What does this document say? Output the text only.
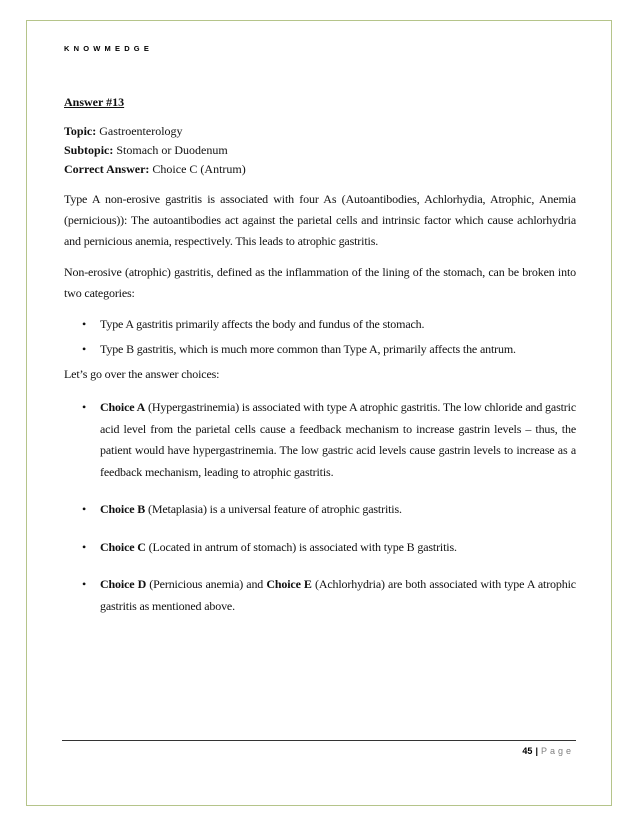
KNOWMEDGE

Answer #13

Topic: Gastroenterology

Subtopic: Stomach or Duodenum

Correct Answer: Choice C (Antrum)

Type A non-erosive gastritis is associated with four As (Autoantibodies, Achlorhydia, Atrophic, Anemia (pernicious)): The autoantibodies act against the parietal cells and intrinsic factor which cause achlorhydria and pernicious anemia, respectively. This leads to atrophic gastritis.

Non-erosive (atrophic) gastritis, defined as the inflammation of the lining of the stomach, can be broken into two categories:

• Type A gastritis primarily affects the body and fundus of the stomach.
• Type B gastritis, which is much more common than Type A, primarily affects the antrum.

Let’s go over the answer choices:

• Choice A (Hypergastrinemia) is associated with type A atrophic gastritis. The low chloride and gastric acid level from the parietal cells cause a feedback mechanism to increase gastrin levels – thus, the patient would have hypergastrinemia. The low gastric acid levels cause gastrin levels to increase as a feedback mechanism, leading to atrophic gastritis.
• Choice B (Metaplasia) is a universal feature of atrophic gastritis.
• Choice C (Located in antrum of stomach) is associated with type B gastritis.
• Choice D (Pernicious anemia) and Choice E (Achlorhydria) are both associated with type A atrophic gastritis as mentioned above.
45 | Page
